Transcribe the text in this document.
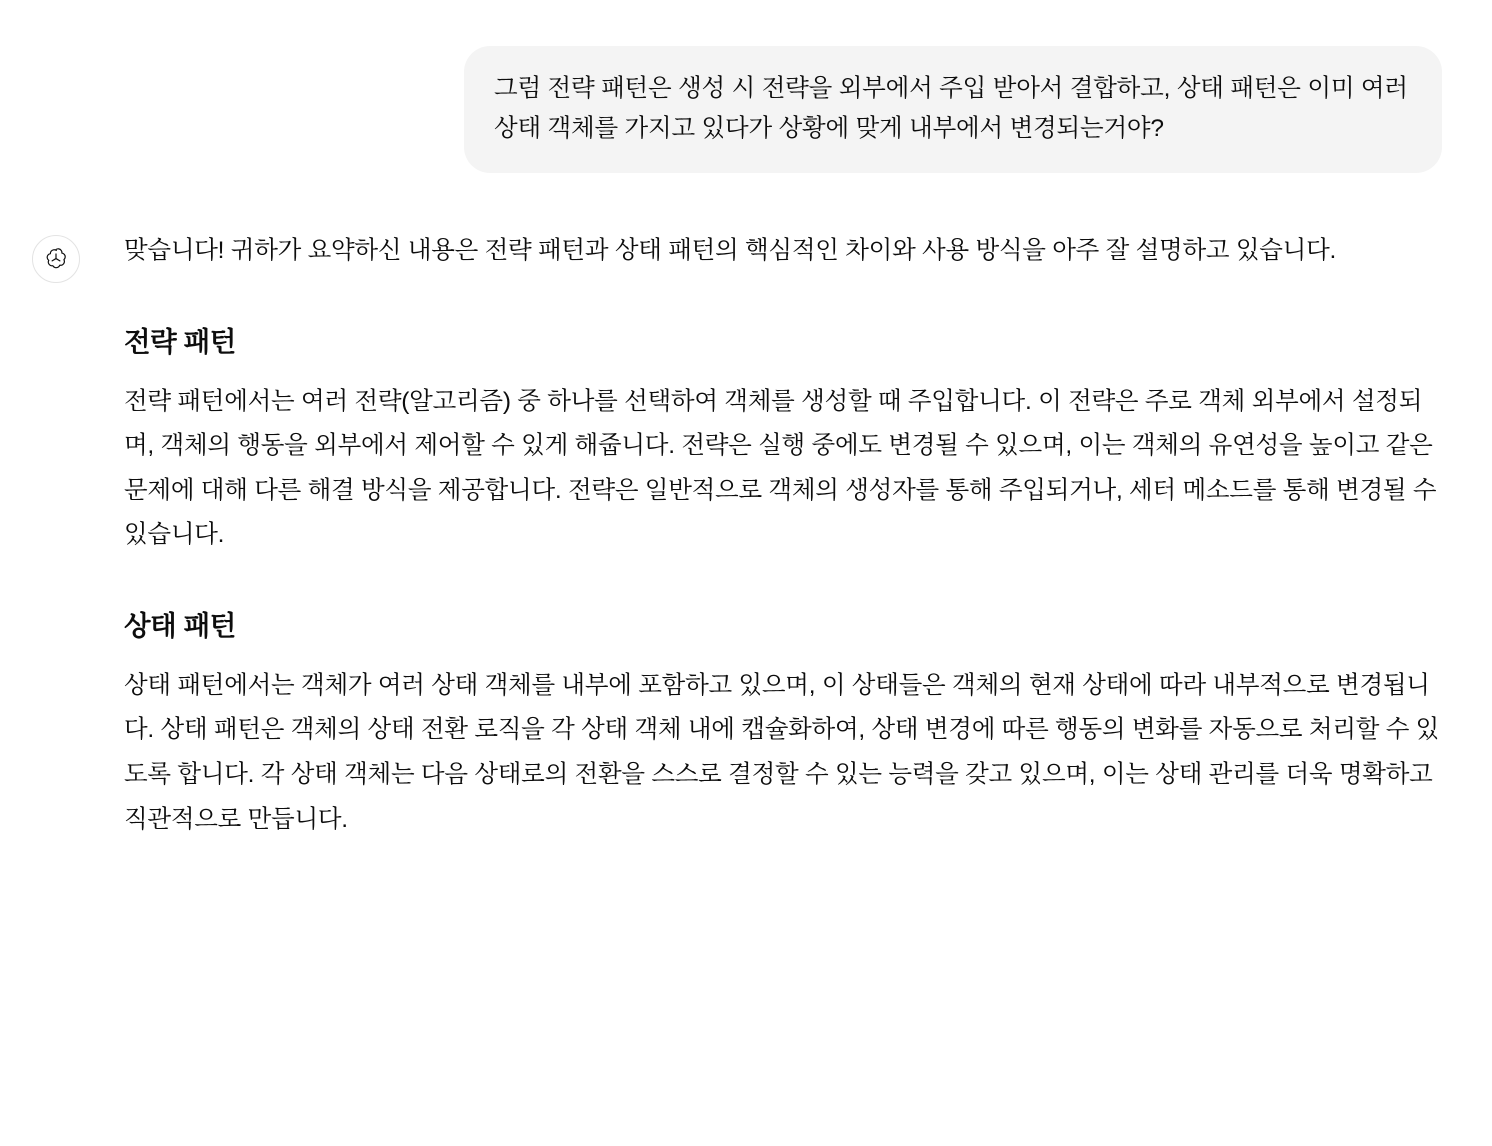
그럼 전략 패턴은 생성 시 전략을 외부에서 주입 받아서 결합하고, 상태 패턴은 이미 여러 상태 객체를 가지고 있다가 상황에 맞게 내부에서 변경되는거야?

맞습니다! 귀하가 요약하신 내용은 전략 패턴과 상태 패턴의 핵심적인 차이와 사용 방식을 아주 잘 설명하고 있습니다.

전략 패턴

전략 패턴에서는 여러 전략(알고리즘) 중 하나를 선택하여 객체를 생성할 때 주입합니다. 이 전략은 주로 객체 외부에서 설정되며, 객체의 행동을 외부에서 제어할 수 있게 해줍니다. 전략은 실행 중에도 변경될 수 있으며, 이는 객체의 유연성을 높이고 같은 문제에 대해 다른 해결 방식을 제공합니다. 전략은 일반적으로 객체의 생성자를 통해 주입되거나, 세터 메소드를 통해 변경될 수 있습니다.

상태 패턴

상태 패턴에서는 객체가 여러 상태 객체를 내부에 포함하고 있으며, 이 상태들은 객체의 현재 상태에 따라 내부적으로 변경됩니다. 상태 패턴은 객체의 상태 전환 로직을 각 상태 객체 내에 캡슐화하여, 상태 변경에 따른 행동의 변화를 자동으로 처리할 수 있도록 합니다. 각 상태 객체는 다음 상태로의 전환을 스스로 결정할 수 있는 능력을 갖고 있으며, 이는 상태 관리를 더욱 명확하고 직관적으로 만듭니다.
